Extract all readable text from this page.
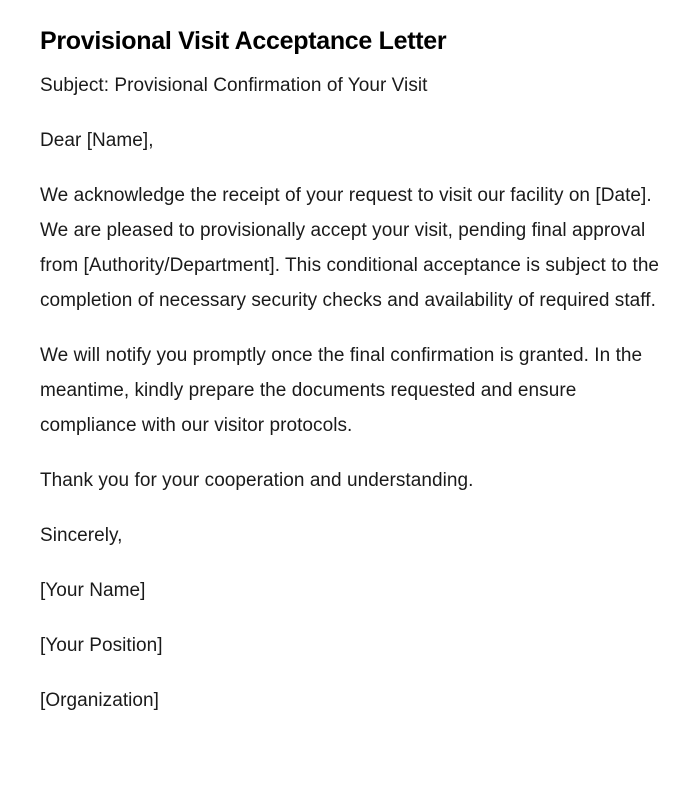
Provisional Visit Acceptance Letter

Subject: Provisional Confirmation of Your Visit

Dear [Name],

We acknowledge the receipt of your request to visit our facility on [Date]. We are pleased to provisionally accept your visit, pending final approval from [Authority/Department]. This conditional acceptance is subject to the completion of necessary security checks and availability of required staff.

We will notify you promptly once the final confirmation is granted. In the meantime, kindly prepare the documents requested and ensure compliance with our visitor protocols.

Thank you for your cooperation and understanding.

Sincerely,

[Your Name]

[Your Position]

[Organization]
